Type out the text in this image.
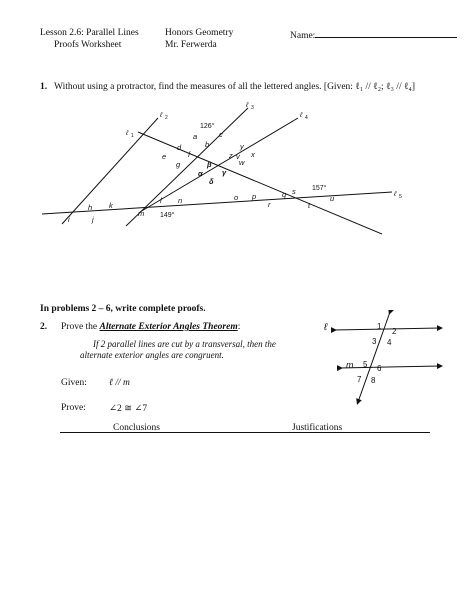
Lesson 2.6: Parallel Lines
Proofs Worksheet
Honors Geometry
Mr. Ferwerda
Name:
1. Without using a protractor, find the measures of all the lettered angles. [Given: ℓ₁ // ℓ₂; ℓ₃ // ℓ₄]
ℓ 1
ℓ 2
ℓ 3
ℓ 4
ℓ 5
126°
157°
149°
a	c
d	b
e	f
y
v
z x
w
g	β
α	γ
δ
h k
i	j
l n
m
o p	q
r
s
t
u
In problems 2 – 6, write complete proofs.
2. Prove the Alternate Exterior Angles Theorem:
If 2 parallel lines are cut by a transversal, then the
alternate exterior angles are congruent.
Given: ℓ // m
Prove: ∠2 ≅ ∠7
ℓ
m
1
2
3 4
5 6
7 8
Conclusions	Justifications
